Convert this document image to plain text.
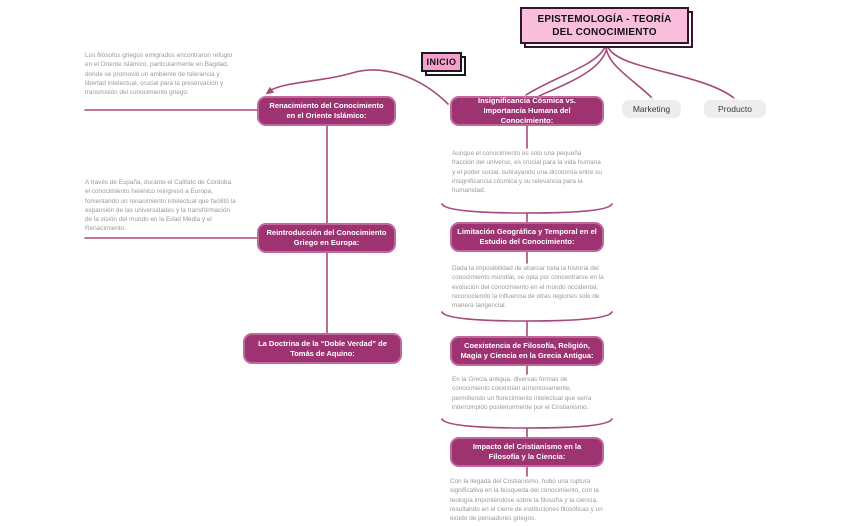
EPISTEMOLOGÍA - TEORÍA DEL CONOCIMIENTO
INICIO
Marketing	Producto
Los filósofos griegos emigrados encontraron refugio en el Oriente islámico, particularmente en Bagdad, donde se promovió un ambiente de tolerancia y libertad intelectual, crucial para la preservación y transmisión del conocimiento griego.
Renacimiento del Conocimiento en el Oriente Islámico:
A través de España, durante el Califato de Córdoba, el conocimiento helénico reingresó a Europa, fomentando un renacimiento intelectual que facilitó la expansión de las universidades y la transformación de la visión del mundo en la Edad Media y el Renacimiento.	Reintroducción del Conocimiento Griego en Europa:
La Doctrina de la “Doble Verdad” de Tomás de Aquino:
Insignificancia Cósmica vs. Importancia Humana del Conocimiento:
Aunque el conocimiento es solo una pequeña fracción del universo, es crucial para la vida humana y el poder social, subrayando una dicotomía entre su insignificancia cósmica y su relevancia para la humanidad.
Limitación Geográfica y Temporal en el Estudio del Conocimiento:
Dada la imposibilidad de abarcar toda la historia del conocimiento mundial, se opta por concentrarse en la evolución del conocimiento en el mundo occidental, reconociendo la influencia de otras regiones solo de manera tangencial.
Coexistencia de Filosofía, Religión, Magia y Ciencia en la Grecia Antigua:
En la Grecia antigua, diversas formas de conocimiento coexistían armoniosamente, permitiendo un florecimiento intelectual que sería interrumpido posteriormente por el Cristianismo.
Impacto del Cristianismo en la Filosofía y la Ciencia:
Con la llegada del Cristianismo, hubo una ruptura significativa en la búsqueda del conocimiento, con la teología imponiéndose sobre la filosofía y la ciencia, resultando en el cierre de instituciones filosóficas y un éxodo de pensadores griegos.
